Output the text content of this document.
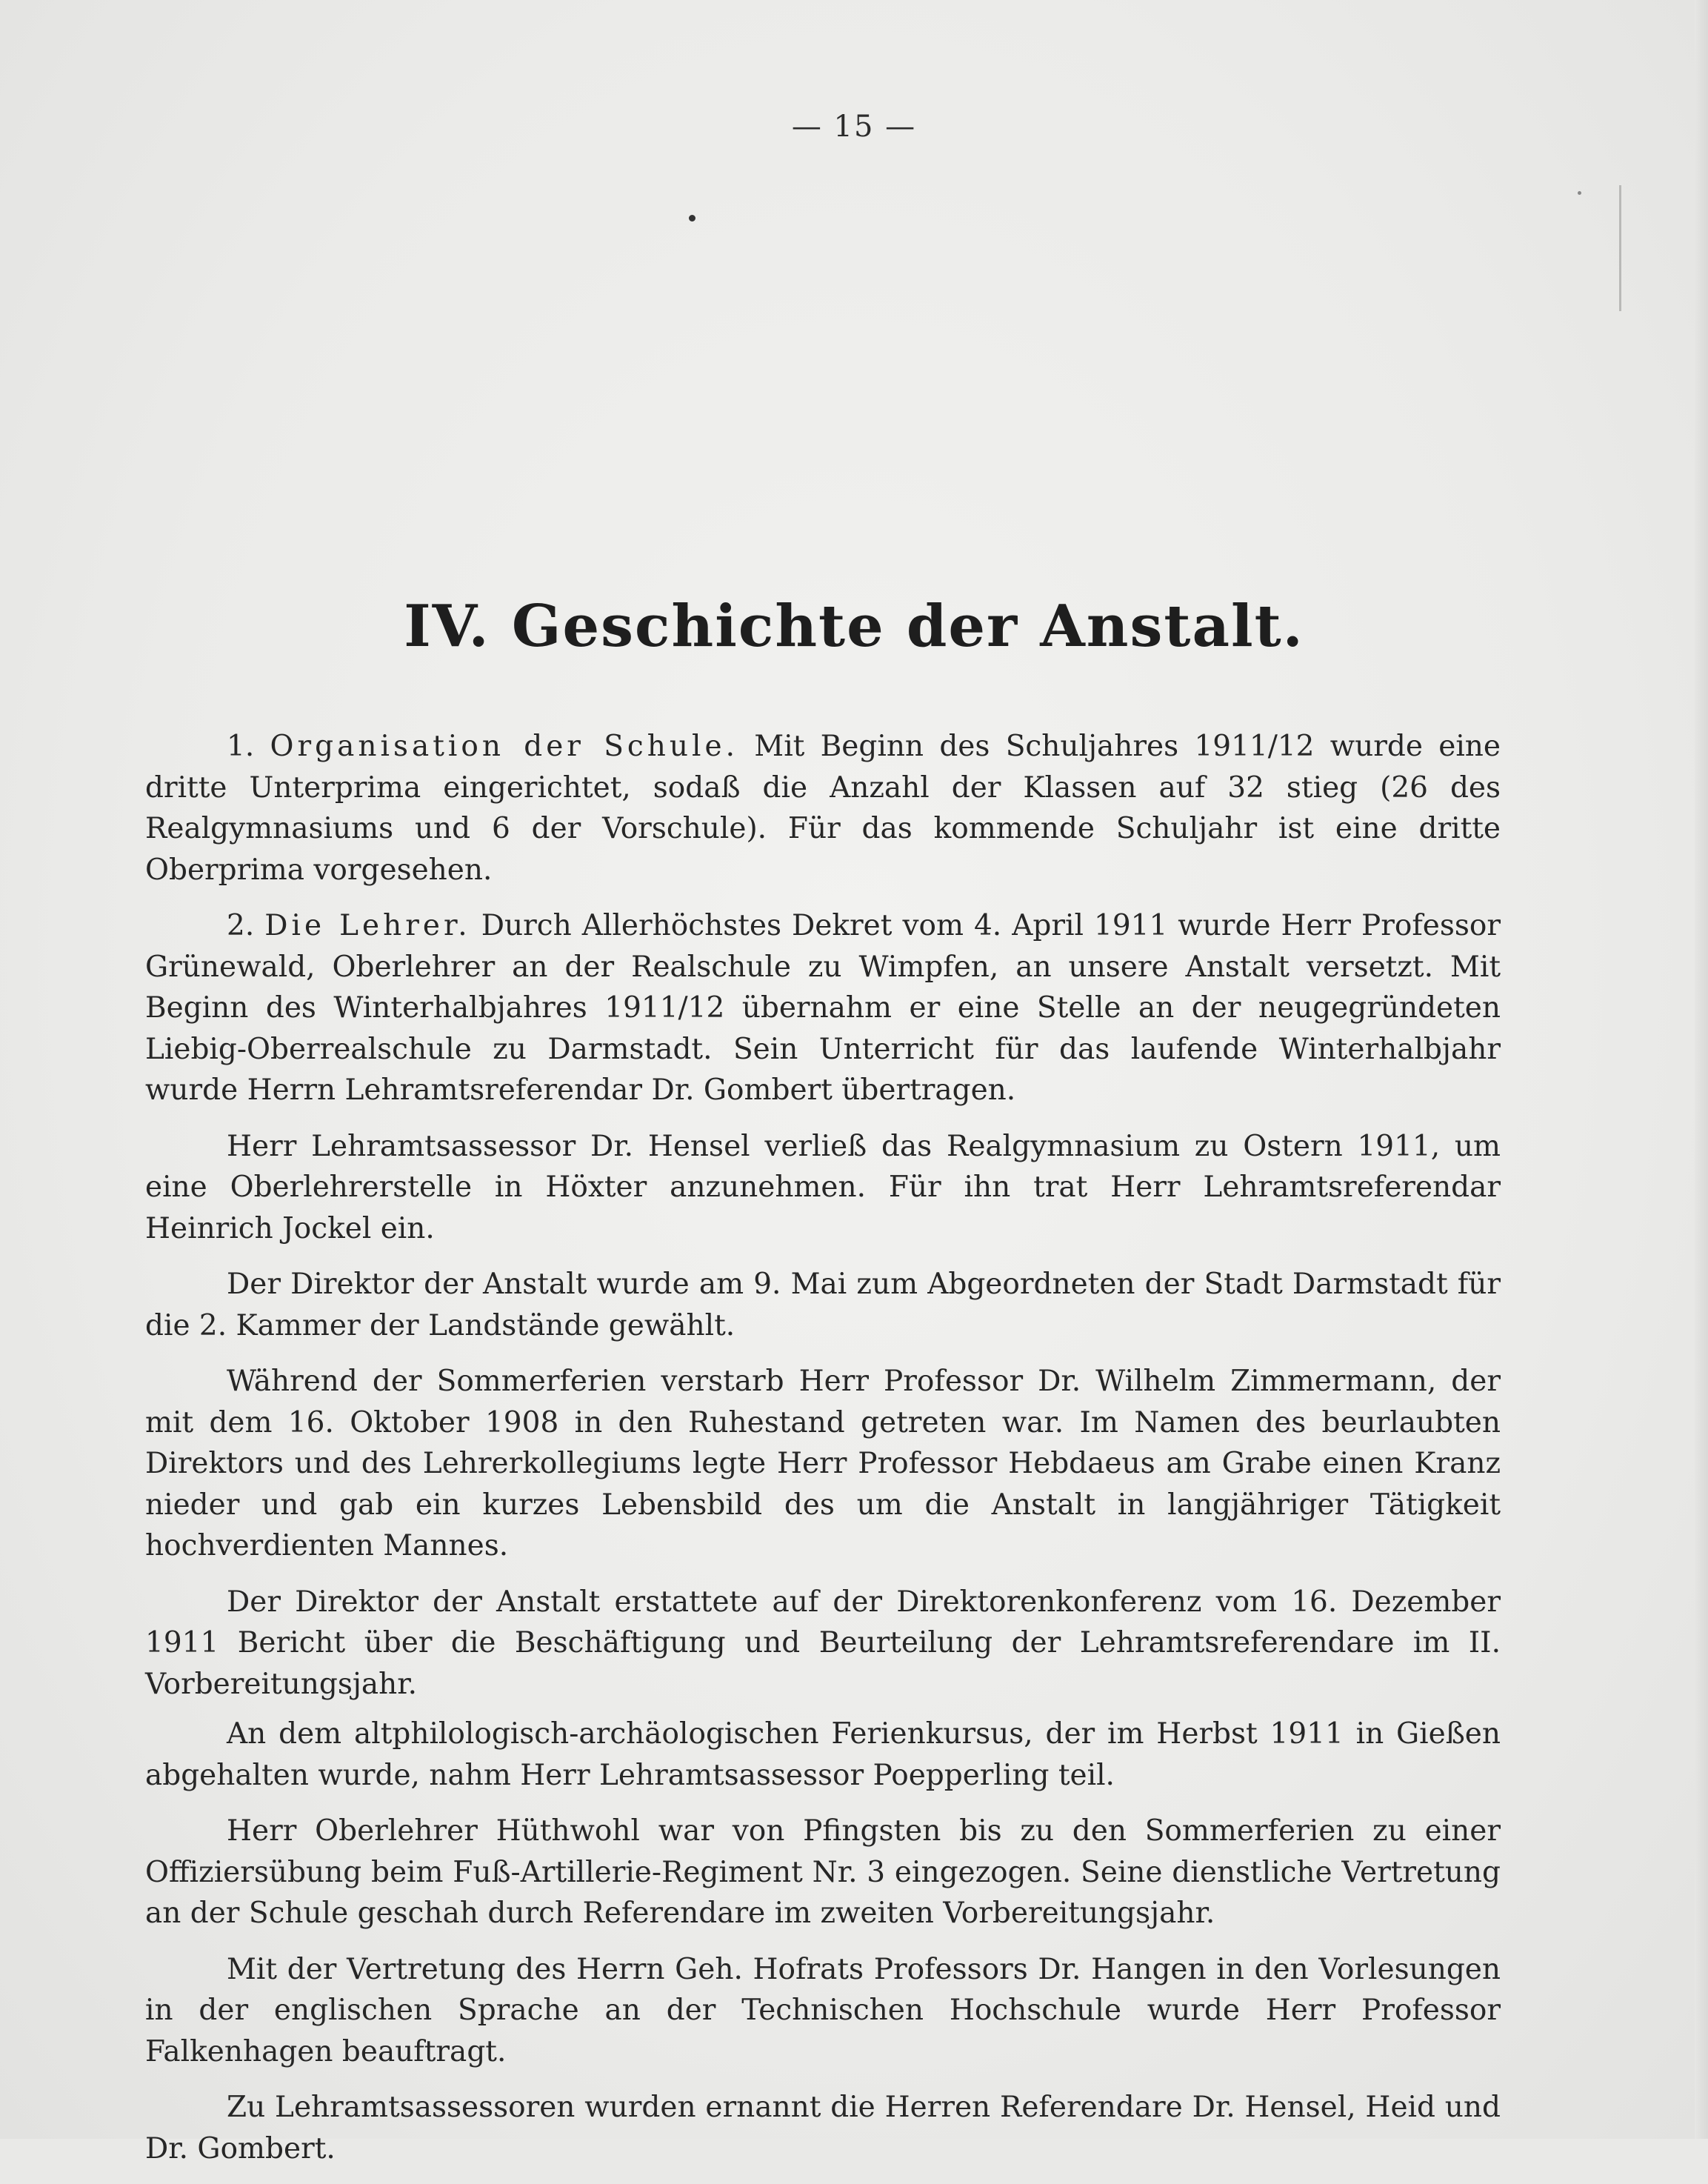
— 15 —
IV. Geschichte der Anstalt.

1. Organisation der Schule. Mit Beginn des Schuljahres 1911/12 wurde eine dritte Unterprima eingerichtet, sodaß die Anzahl der Klassen auf 32 stieg (26 des Realgymnasiums und 6 der Vorschule). Für das kommende Schuljahr ist eine dritte Oberprima vorgesehen.

2. Die Lehrer. Durch Allerhöchstes Dekret vom 4. April 1911 wurde Herr Professor Grünewald, Oberlehrer an der Realschule zu Wimpfen, an unsere Anstalt versetzt. Mit Beginn des Winterhalbjahres 1911/12 übernahm er eine Stelle an der neugegründeten Liebig-Oberrealschule zu Darmstadt. Sein Unterricht für das laufende Winterhalbjahr wurde Herrn Lehramtsreferendar Dr. Gombert übertragen.

Herr Lehramtsassessor Dr. Hensel verließ das Realgymnasium zu Ostern 1911, um eine Oberlehrerstelle in Höxter anzunehmen. Für ihn trat Herr Lehramtsreferendar Heinrich Jockel ein.

Der Direktor der Anstalt wurde am 9. Mai zum Abgeordneten der Stadt Darmstadt für die 2. Kammer der Landstände gewählt.

Während der Sommerferien verstarb Herr Professor Dr. Wilhelm Zimmermann, der mit dem 16. Oktober 1908 in den Ruhestand getreten war. Im Namen des beurlaubten Direktors und des Lehrerkollegiums legte Herr Professor Hebdaeus am Grabe einen Kranz nieder und gab ein kurzes Lebensbild des um die Anstalt in langjähriger Tätigkeit hochverdienten Mannes.

Der Direktor der Anstalt erstattete auf der Direktorenkonferenz vom 16. Dezember 1911 Bericht über die Beschäftigung und Beurteilung der Lehramtsreferendare im II. Vorbereitungsjahr.

An dem altphilologisch-archäologischen Ferienkursus, der im Herbst 1911 in Gießen abgehalten wurde, nahm Herr Lehramtsassessor Poepperling teil.

Herr Oberlehrer Hüthwohl war von Pfingsten bis zu den Sommerferien zu einer Offiziersübung beim Fuß-Artillerie-Regiment Nr. 3 eingezogen. Seine dienstliche Vertretung an der Schule geschah durch Referendare im zweiten Vorbereitungsjahr.

Mit der Vertretung des Herrn Geh. Hofrats Professors Dr. Hangen in den Vorlesungen in der englischen Sprache an der Technischen Hochschule wurde Herr Professor Falkenhagen beauftragt.

Zu Lehramtsassessoren wurden ernannt die Herren Referendare Dr. Hensel, Heid und Dr. Gombert.
